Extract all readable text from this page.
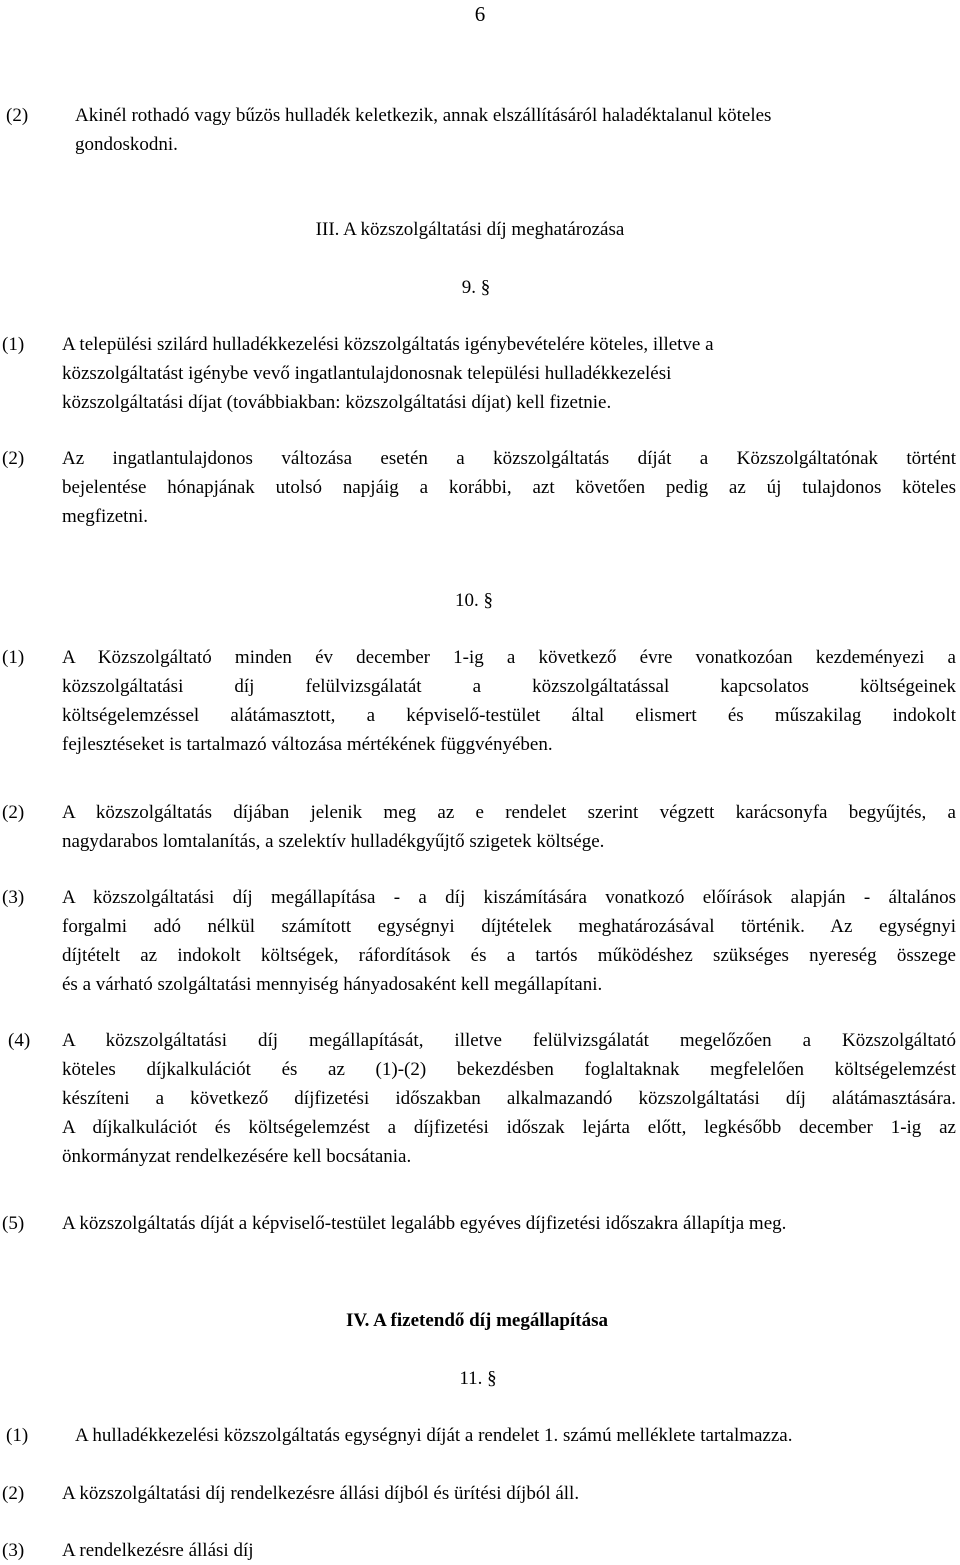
6
(2) Akinél rothadó vagy bűzös hulladék keletkezik, annak elszállításáról haladéktalanul köteles
gondoskodni.
III. A közszolgáltatási díj meghatározása
9. §
(1) A települési szilárd hulladékkezelési közszolgáltatás igénybevételére köteles, illetve a
közszolgáltatást igénybe vevő ingatlantulajdonosnak települési hulladékkezelési
közszolgáltatási díjat (továbbiakban: közszolgáltatási díjat) kell fizetnie.
(2) Az ingatlantulajdonos változása esetén a közszolgáltatás díját a Közszolgáltatónak történt
bejelentése hónapjának utolsó napjáig a korábbi, azt követően pedig az új tulajdonos köteles
megfizetni.
10. §
(1) A Közszolgáltató minden év december 1-ig a következő évre vonatkozóan kezdeményezi a
közszolgáltatási díj felülvizsgálatát a közszolgáltatással kapcsolatos költségeinek
költségelemzéssel alátámasztott, a képviselő-testület által elismert és műszakilag indokolt
fejlesztéseket is tartalmazó változása mértékének függvényében.
(2) A közszolgáltatás díjában jelenik meg az e rendelet szerint végzett karácsonyfa begyűjtés, a
nagydarabos lomtalanítás, a szelektív hulladékgyűjtő szigetek költsége.
(3) A közszolgáltatási díj megállapítása - a díj kiszámítására vonatkozó előírások alapján - általános
forgalmi adó nélkül számított egységnyi díjtételek meghatározásával történik. Az egységnyi
díjtételt az indokolt költségek, ráfordítások és a tartós működéshez szükséges nyereség összege
és a várható szolgáltatási mennyiség hányadosaként kell megállapítani.
(4) A közszolgáltatási díj megállapítását, illetve felülvizsgálatát megelőzően a Közszolgáltató
köteles díjkalkulációt és az (1)-(2) bekezdésben foglaltaknak megfelelően költségelemzést
készíteni a következő díjfizetési időszakban alkalmazandó közszolgáltatási díj alátámasztására.
A díjkalkulációt és költségelemzést a díjfizetési időszak lejárta előtt, legkésőbb december 1-ig az
önkormányzat rendelkezésére kell bocsátania.
(5) A közszolgáltatás díját a képviselő-testület legalább egyéves díjfizetési időszakra állapítja meg.
IV. A fizetendő díj megállapítása
11. §
(1) A hulladékkezelési közszolgáltatás egységnyi díját a rendelet 1. számú melléklete tartalmazza.
(2) A közszolgáltatási díj rendelkezésre állási díjból és ürítési díjból áll.
(3) A rendelkezésre állási díj
